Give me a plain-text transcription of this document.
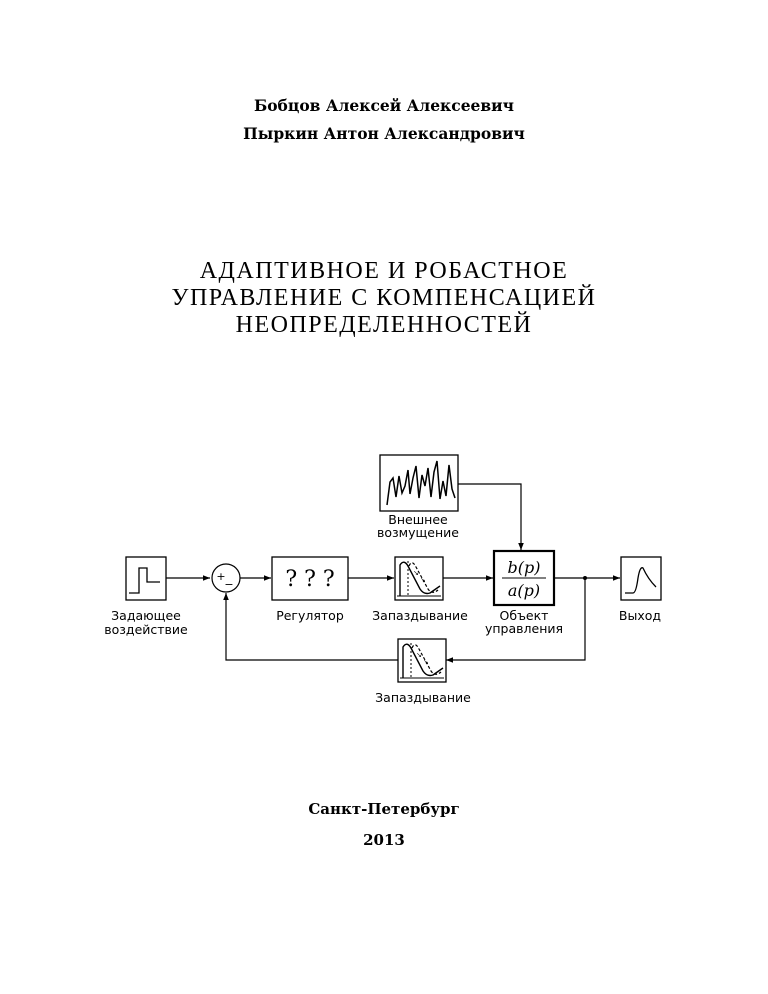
Бобцов Алексей Алексеевич
Пыркин Антон Александрович
АДАПТИВНОЕ И РОБАСТНОЕ
УПРАВЛЕНИЕ С КОМПЕНСАЦИЕЙ
НЕОПРЕДЕЛЕННОСТЕЙ
Внешнее
возмущение
Задающее
воздействие
+
− ? ? ?
Регулятор
↘
↘
Запаздывание
b(p)
a(p)
Объект
управления
Выход
↘
↘
Запаздывание
Санкт-Петербург
2013
